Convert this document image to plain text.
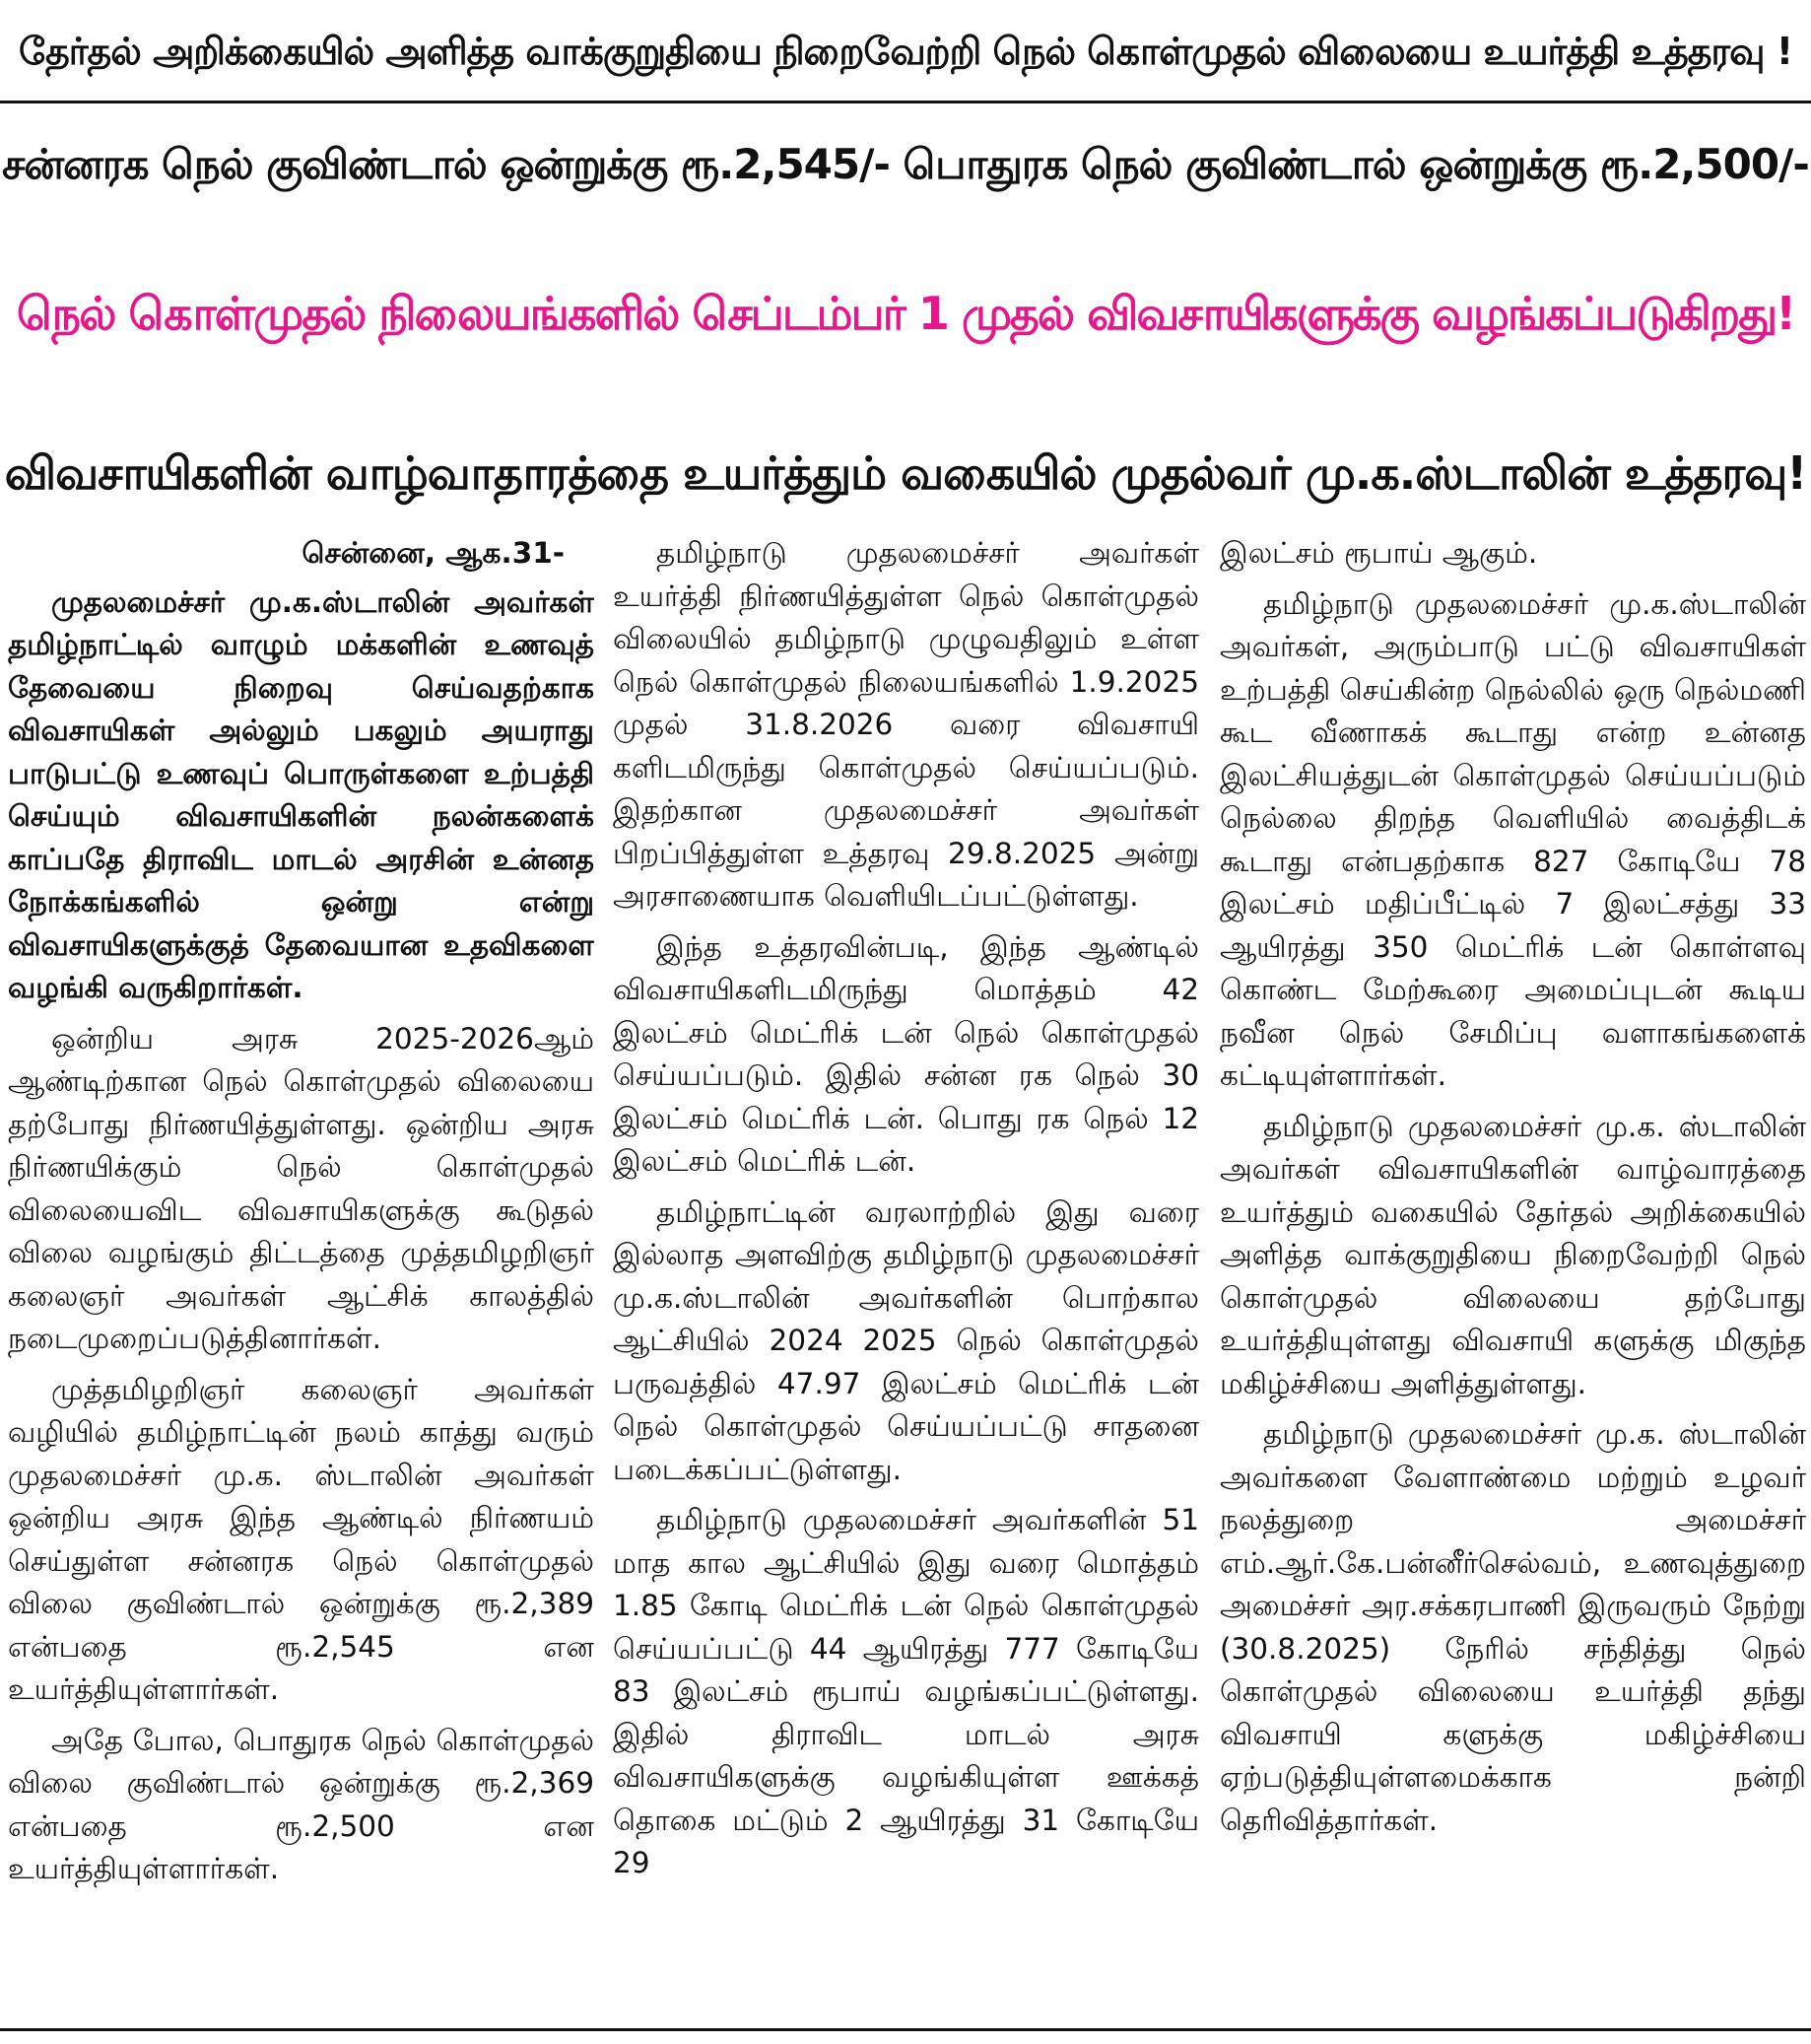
தேர்தல் அறிக்கையில் அளித்த வாக்குறுதியை நிறைவேற்றி நெல் கொள்முதல் விலையை உயர்த்தி உத்தரவு !
சன்னரக நெல் குவிண்டால் ஒன்றுக்கு ரூ.2,545/- பொதுரக நெல் குவிண்டால் ஒன்றுக்கு ரூ.2,500/-
நெல் கொள்முதல் நிலையங்களில் செப்டம்பர் 1 முதல் விவசாயிகளுக்கு வழங்கப்படுகிறது!
விவசாயிகளின் வாழ்வாதாரத்தை உயர்த்தும் வகையில் முதல்வர் மு.க.ஸ்டாலின் உத்தரவு!
சென்னை, ஆக.31-

முதலமைச்சர் மு.க.ஸ்டாலின் அவர்கள் தமிழ்நாட்டில் வாழும் மக்களின் உணவுத் தேவையை நிறைவு செய்வதற்காக விவசாயிகள் அல்லும் பகலும் அயராது பாடுபட்டு உணவுப் பொருள்களை உற்பத்தி செய்யும் விவசாயிகளின் நலன்களைக் காப்பதே திராவிட மாடல் அரசின் உன்னத நோக்கங்களில் ஒன்று என்று விவசாயிகளுக்குத் தேவையான உதவிகளை வழங்கி வருகிறார்கள்.

ஒன்றிய அரசு 2025-2026ஆம் ஆண்டிற்கான நெல் கொள்முதல் விலையை தற்போது நிர்ணயித்துள்ளது. ஒன்றிய அரசு நிர்ணயிக்கும் நெல் கொள்முதல் விலையைவிட விவசாயிகளுக்கு கூடுதல் விலை வழங்கும் திட்டத்தை முத்தமிழறிஞர் கலைஞர் அவர்கள் ஆட்சிக் காலத்தில் நடைமுறைப்படுத்தினார்கள்.

முத்தமிழறிஞர் கலைஞர் அவர்கள் வழியில் தமிழ்நாட்டின் நலம் காத்து வரும் முதலமைச்சர் மு.க. ஸ்டாலின் அவர்கள் ஒன்றிய அரசு இந்த ஆண்டில் நிர்ணயம் செய்துள்ள சன்னரக நெல் கொள்முதல் விலை குவிண்டால் ஒன்றுக்கு ரூ.2,389 என்பதை ரூ.2,545 என உயர்த்தியுள்ளார்கள்.

அதே போல, பொதுரக நெல் கொள்முதல் விலை குவிண்டால் ஒன்றுக்கு ரூ.2,369 என்பதை ரூ.2,500 என உயர்த்தியுள்ளார்கள்.

தமிழ்நாடு முதலமைச்சர் அவர்கள் உயர்த்தி நிர்ணயித்துள்ள நெல் கொள்முதல் விலையில் தமிழ்நாடு முழுவதிலும் உள்ள நெல் கொள்முதல் நிலையங்களில் 1.9.2025 முதல் 31.8.2026 வரை விவசாயி களிடமிருந்து கொள்முதல் செய்யப்படும். இதற்கான முதலமைச்சர் அவர்கள் பிறப்பித்துள்ள உத்தரவு 29.8.2025 அன்று அரசாணையாக வெளியிடப்பட்டுள்ளது.

இந்த உத்தரவின்படி, இந்த ஆண்டில் விவசாயிகளிடமிருந்து மொத்தம் 42 இலட்சம் மெட்ரிக் டன் நெல் கொள்முதல் செய்யப்படும். இதில் சன்ன ரக நெல் 30 இலட்சம் மெட்ரிக் டன். பொது ரக நெல் 12 இலட்சம் மெட்ரிக் டன்.

தமிழ்நாட்டின் வரலாற்றில் இது வரை இல்லாத அளவிற்கு தமிழ்நாடு முதலமைச்சர் மு.க.ஸ்டாலின் அவர்களின் பொற்கால ஆட்சியில் 2024 2025 நெல் கொள்முதல் பருவத்தில் 47.97 இலட்சம் மெட்ரிக் டன் நெல் கொள்முதல் செய்யப்பட்டு சாதனை படைக்கப்பட்டுள்ளது.

தமிழ்நாடு முதலமைச்சர் அவர்களின் 51 மாத கால ஆட்சியில் இது வரை மொத்தம் 1.85 கோடி மெட்ரிக் டன் நெல் கொள்முதல் செய்யப்பட்டு 44 ஆயிரத்து 777 கோடியே 83 இலட்சம் ரூபாய் வழங்கப்பட்டுள்ளது. இதில் திராவிட மாடல் அரசு விவசாயிகளுக்கு வழங்கியுள்ள ஊக்கத் தொகை மட்டும் 2 ஆயிரத்து 31 கோடியே 29

இலட்சம் ரூபாய் ஆகும்.

தமிழ்நாடு முதலமைச்சர் மு.க.ஸ்டாலின் அவர்கள், அரும்பாடு பட்டு விவசாயிகள் உற்பத்தி செய்கின்ற நெல்லில் ஒரு நெல்மணி கூட வீணாகக் கூடாது என்ற உன்னத இலட்சியத்துடன் கொள்முதல் செய்யப்படும் நெல்லை திறந்த வெளியில் வைத்திடக் கூடாது என்பதற்காக 827 கோடியே 78 இலட்சம் மதிப்பீட்டில் 7 இலட்சத்து 33 ஆயிரத்து 350 மெட்ரிக் டன் கொள்ளவு கொண்ட மேற்கூரை அமைப்புடன் கூடிய நவீன நெல் சேமிப்பு வளாகங்களைக் கட்டியுள்ளார்கள்.

தமிழ்நாடு முதலமைச்சர் மு.க. ஸ்டாலின் அவர்கள் விவசாயிகளின் வாழ்வாரத்தை உயர்த்தும் வகையில் தேர்தல் அறிக்கையில் அளித்த வாக்குறுதியை நிறைவேற்றி நெல் கொள்முதல் விலையை தற்போது உயர்த்தியுள்ளது விவசாயி களுக்கு மிகுந்த மகிழ்ச்சியை அளித்துள்ளது.

தமிழ்நாடு முதலமைச்சர் மு.க. ஸ்டாலின் அவர்களை வேளாண்மை மற்றும் உழவர் நலத்துறை அமைச்சர் எம்.ஆர்.கே.பன்னீர்செல்வம், உணவுத்துறை அமைச்சர் அர.சக்கரபாணி இருவரும் நேற்று (30.8.2025) நேரில் சந்தித்து நெல் கொள்முதல் விலையை உயர்த்தி தந்து விவசாயி களுக்கு மகிழ்ச்சியை ஏற்படுத்தியுள்ளமைக்காக நன்றி தெரிவித்தார்கள்.
